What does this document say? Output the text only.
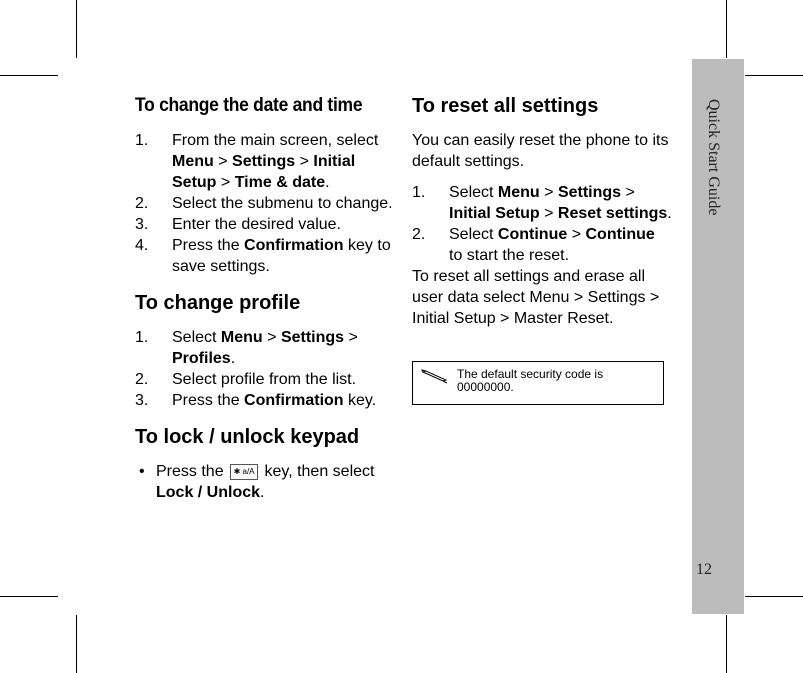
Quick Start Guide
12
To change the date and time
1. From the main screen, select Menu > Settings > Initial Setup > Time & date.
2. Select the submenu to change.
3. Enter the desired value.
4. Press the Confirmation key to save settings.
To change profile
1. Select Menu > Settings > Profiles.
2. Select profile from the list.
3. Press the Confirmation key.
To lock / unlock keypad
• Press the ✱ a/A key, then select Lock / Unlock.
To reset all settings
You can easily reset the phone to its default settings.
1. Select Menu > Settings > Initial Setup > Reset settings.
2. Select Continue > Continue to start the reset.
To reset all settings and erase all user data select Menu > Settings > Initial Setup > Master Reset.
The default security code is
00000000.
